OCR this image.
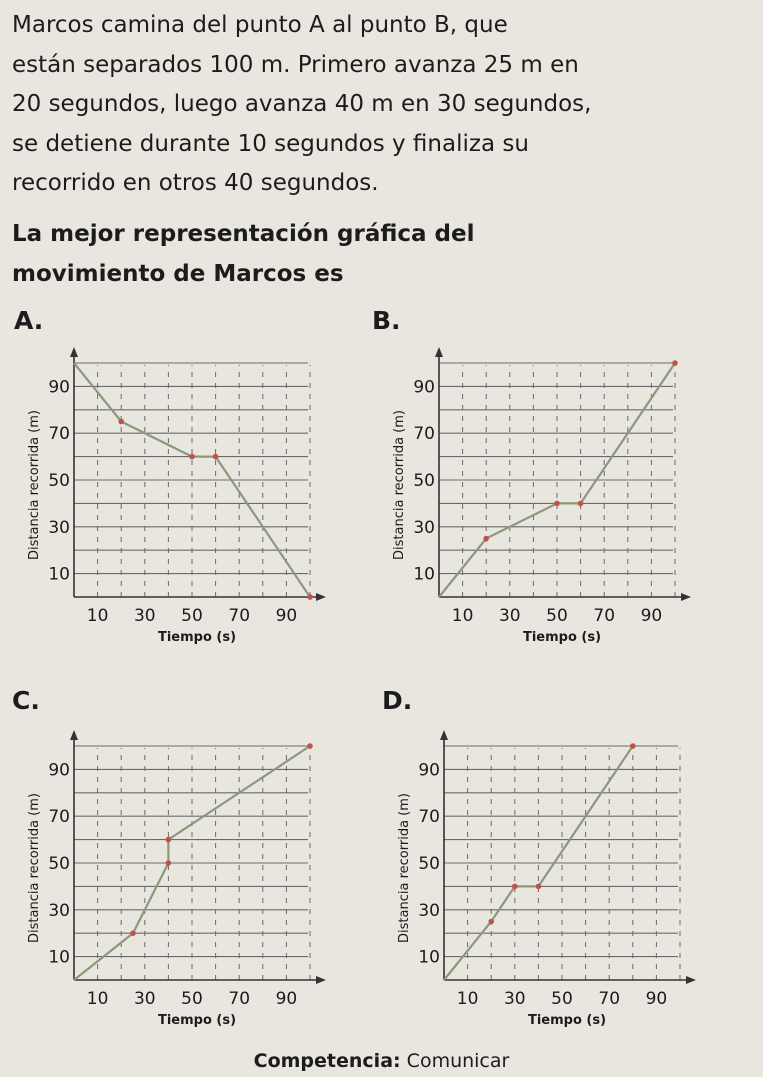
Marcos camina del punto A al punto B, que
están separados 100 m. Primero avanza 25 m en
20 segundos, luego avanza 40 m en 30 segundos,
se detiene durante 10 segundos y finaliza su
recorrido en otros 40 segundos.
La mejor representación gráfica del
movimiento de Marcos es
A.	B.
C.	D.
10
30
50
70
90
10 30 50 70 90
Tiempo (s)
Distancia recorrida (m)
10
30
50
70
90
10 30 50 70 90
Tiempo (s)
Distancia recorrida (m)
10
30
50
70
90
10 30 50 70 90
Tiempo (s)
Distancia recorrida (m)
10
30
50
70
90
10 30 50 70 90
Tiempo (s)
Distancia recorrida (m)
Competencia: Comunicar
